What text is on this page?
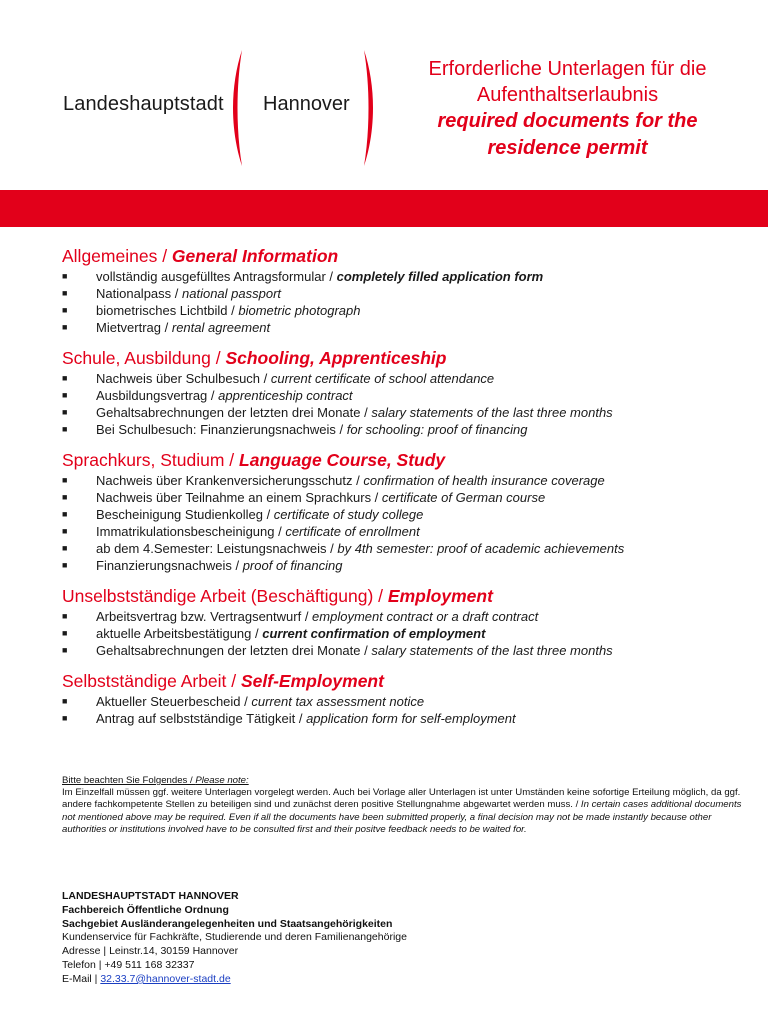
Landeshauptstadt Hannover
Erforderliche Unterlagen für die
Aufenthaltserlaubnis
required documents for the
residence permit
Allgemeines / General Information
■ vollständig ausgefülltes Antragsformular / completely filled application form
■ Nationalpass / national passport
■ biometrisches Lichtbild / biometric photograph
■ Mietvertrag / rental agreement
Schule, Ausbildung / Schooling, Apprenticeship
■ Nachweis über Schulbesuch / current certificate of school attendance
■ Ausbildungsvertrag / apprenticeship contract
■ Gehaltsabrechnungen der letzten drei Monate / salary statements of the last three months
■ Bei Schulbesuch: Finanzierungsnachweis / for schooling: proof of financing
Sprachkurs, Studium / Language Course, Study
■ Nachweis über Krankenversicherungsschutz / confirmation of health insurance coverage
■ Nachweis über Teilnahme an einem Sprachkurs / certificate of German course
■ Bescheinigung Studienkolleg / certificate of study college
■ Immatrikulationsbescheinigung / certificate of enrollment
■ ab dem 4.Semester: Leistungsnachweis / by 4th semester: proof of academic achievements
■ Finanzierungsnachweis / proof of financing
Unselbstständige Arbeit (Beschäftigung) / Employment
■ Arbeitsvertrag bzw. Vertragsentwurf / employment contract or a draft contract
■ aktuelle Arbeitsbestätigung / current confirmation of employment
■ Gehaltsabrechnungen der letzten drei Monate / salary statements of the last three months
Selbstständige Arbeit / Self-Employment
■ Aktueller Steuerbescheid / current tax assessment notice
■ Antrag auf selbstständige Tätigkeit / application form for self-employment
Bitte beachten Sie Folgendes / Please note:
Im Einzelfall müssen ggf. weitere Unterlagen vorgelegt werden. Auch bei Vorlage aller Unterlagen ist unter Umständen keine sofortige Erteilung möglich, da ggf. andere fachkompetente Stellen zu beteiligen sind und zunächst deren positive Stellungnahme abgewartet werden muss. / In certain cases additional documents not mentioned above may be required. Even if all the documents have been submitted properly, a final decision may not be made instantly because other authorities or institutions involved have to be consulted first and their positve feedback needs to be waited for.
LANDESHAUPTSTADT HANNOVER
Fachbereich Öffentliche Ordnung
Sachgebiet Ausländerangelegenheiten und Staatsangehörigkeiten
Kundenservice für Fachkräfte, Studierende und deren Familienangehörige
Adresse | Leinstr.14, 30159 Hannover
Telefon | +49 511 168 32337
E-Mail | 32.33.7@hannover-stadt.de
